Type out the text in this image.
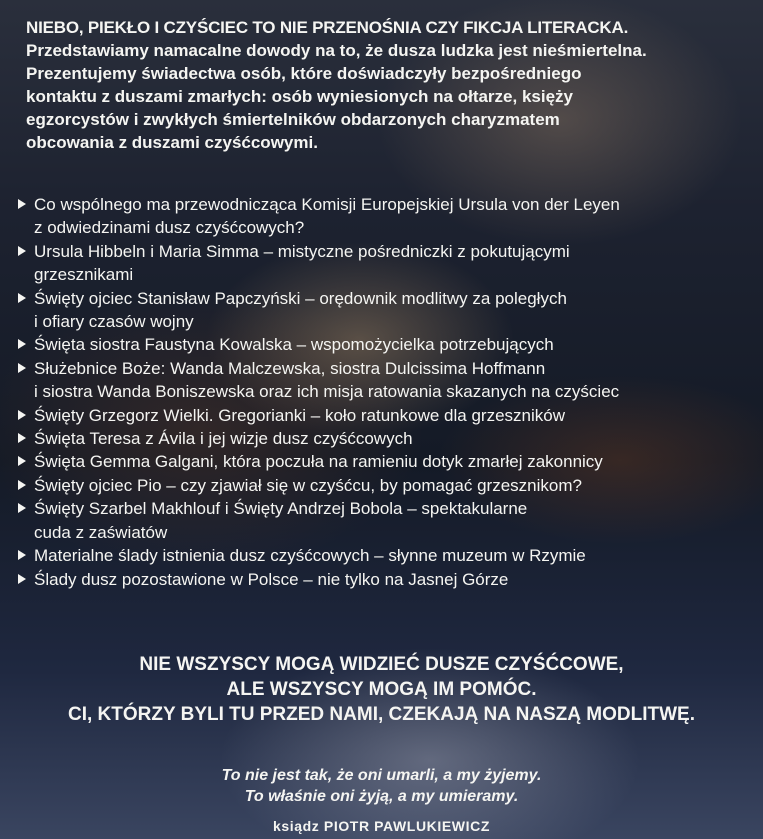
NIEBO, PIEKŁO I CZYŚCIEC TO NIE PRZENOŚNIA CZY FIKCJA LITERACKA.
Przedstawiamy namacalne dowody na to, że dusza ludzka jest nieśmiertelna.
Prezentujemy świadectwa osób, które doświadczyły bezpośredniego
kontaktu z duszami zmarłych: osób wyniesionych na ołtarze, księży
egzorcystów i zwykłych śmiertelników obdarzonych charyzmatem
obcowania z duszami czyśćcowymi.
Co wspólnego ma przewodnicząca Komisji Europejskiej Ursula von der Leyen
z odwiedzinami dusz czyśćcowych?
Ursula Hibbeln i Maria Simma – mistyczne pośredniczki z pokutującymi
grzesznikami
Święty ojciec Stanisław Papczyński – orędownik modlitwy za poległych
i ofiary czasów wojny
Święta siostra Faustyna Kowalska – wspomożycielka potrzebujących
Służebnice Boże: Wanda Malczewska, siostra Dulcissima Hoffmann
i siostra Wanda Boniszewska oraz ich misja ratowania skazanych na czyściec
Święty Grzegorz Wielki. Gregorianki – koło ratunkowe dla grzeszników
Święta Teresa z Ávila i jej wizje dusz czyśćcowych
Święta Gemma Galgani, która poczuła na ramieniu dotyk zmarłej zakonnicy
Święty ojciec Pio – czy zjawiał się w czyśćcu, by pomagać grzesznikom?
Święty Szarbel Makhlouf i Święty Andrzej Bobola – spektakularne
cuda z zaświatów
Materialne ślady istnienia dusz czyśćcowych – słynne muzeum w Rzymie
Ślady dusz pozostawione w Polsce – nie tylko na Jasnej Górze
NIE WSZYSCY MOGĄ WIDZIEĆ DUSZE CZYŚĆCOWE,
ALE WSZYSCY MOGĄ IM POMÓC.
CI, KTÓRZY BYLI TU PRZED NAMI, CZEKAJĄ NA NASZĄ MODLITWĘ.
To nie jest tak, że oni umarli, a my żyjemy.
To właśnie oni żyją, a my umieramy.
ksiądz PIOTR PAWLUKIEWICZ
